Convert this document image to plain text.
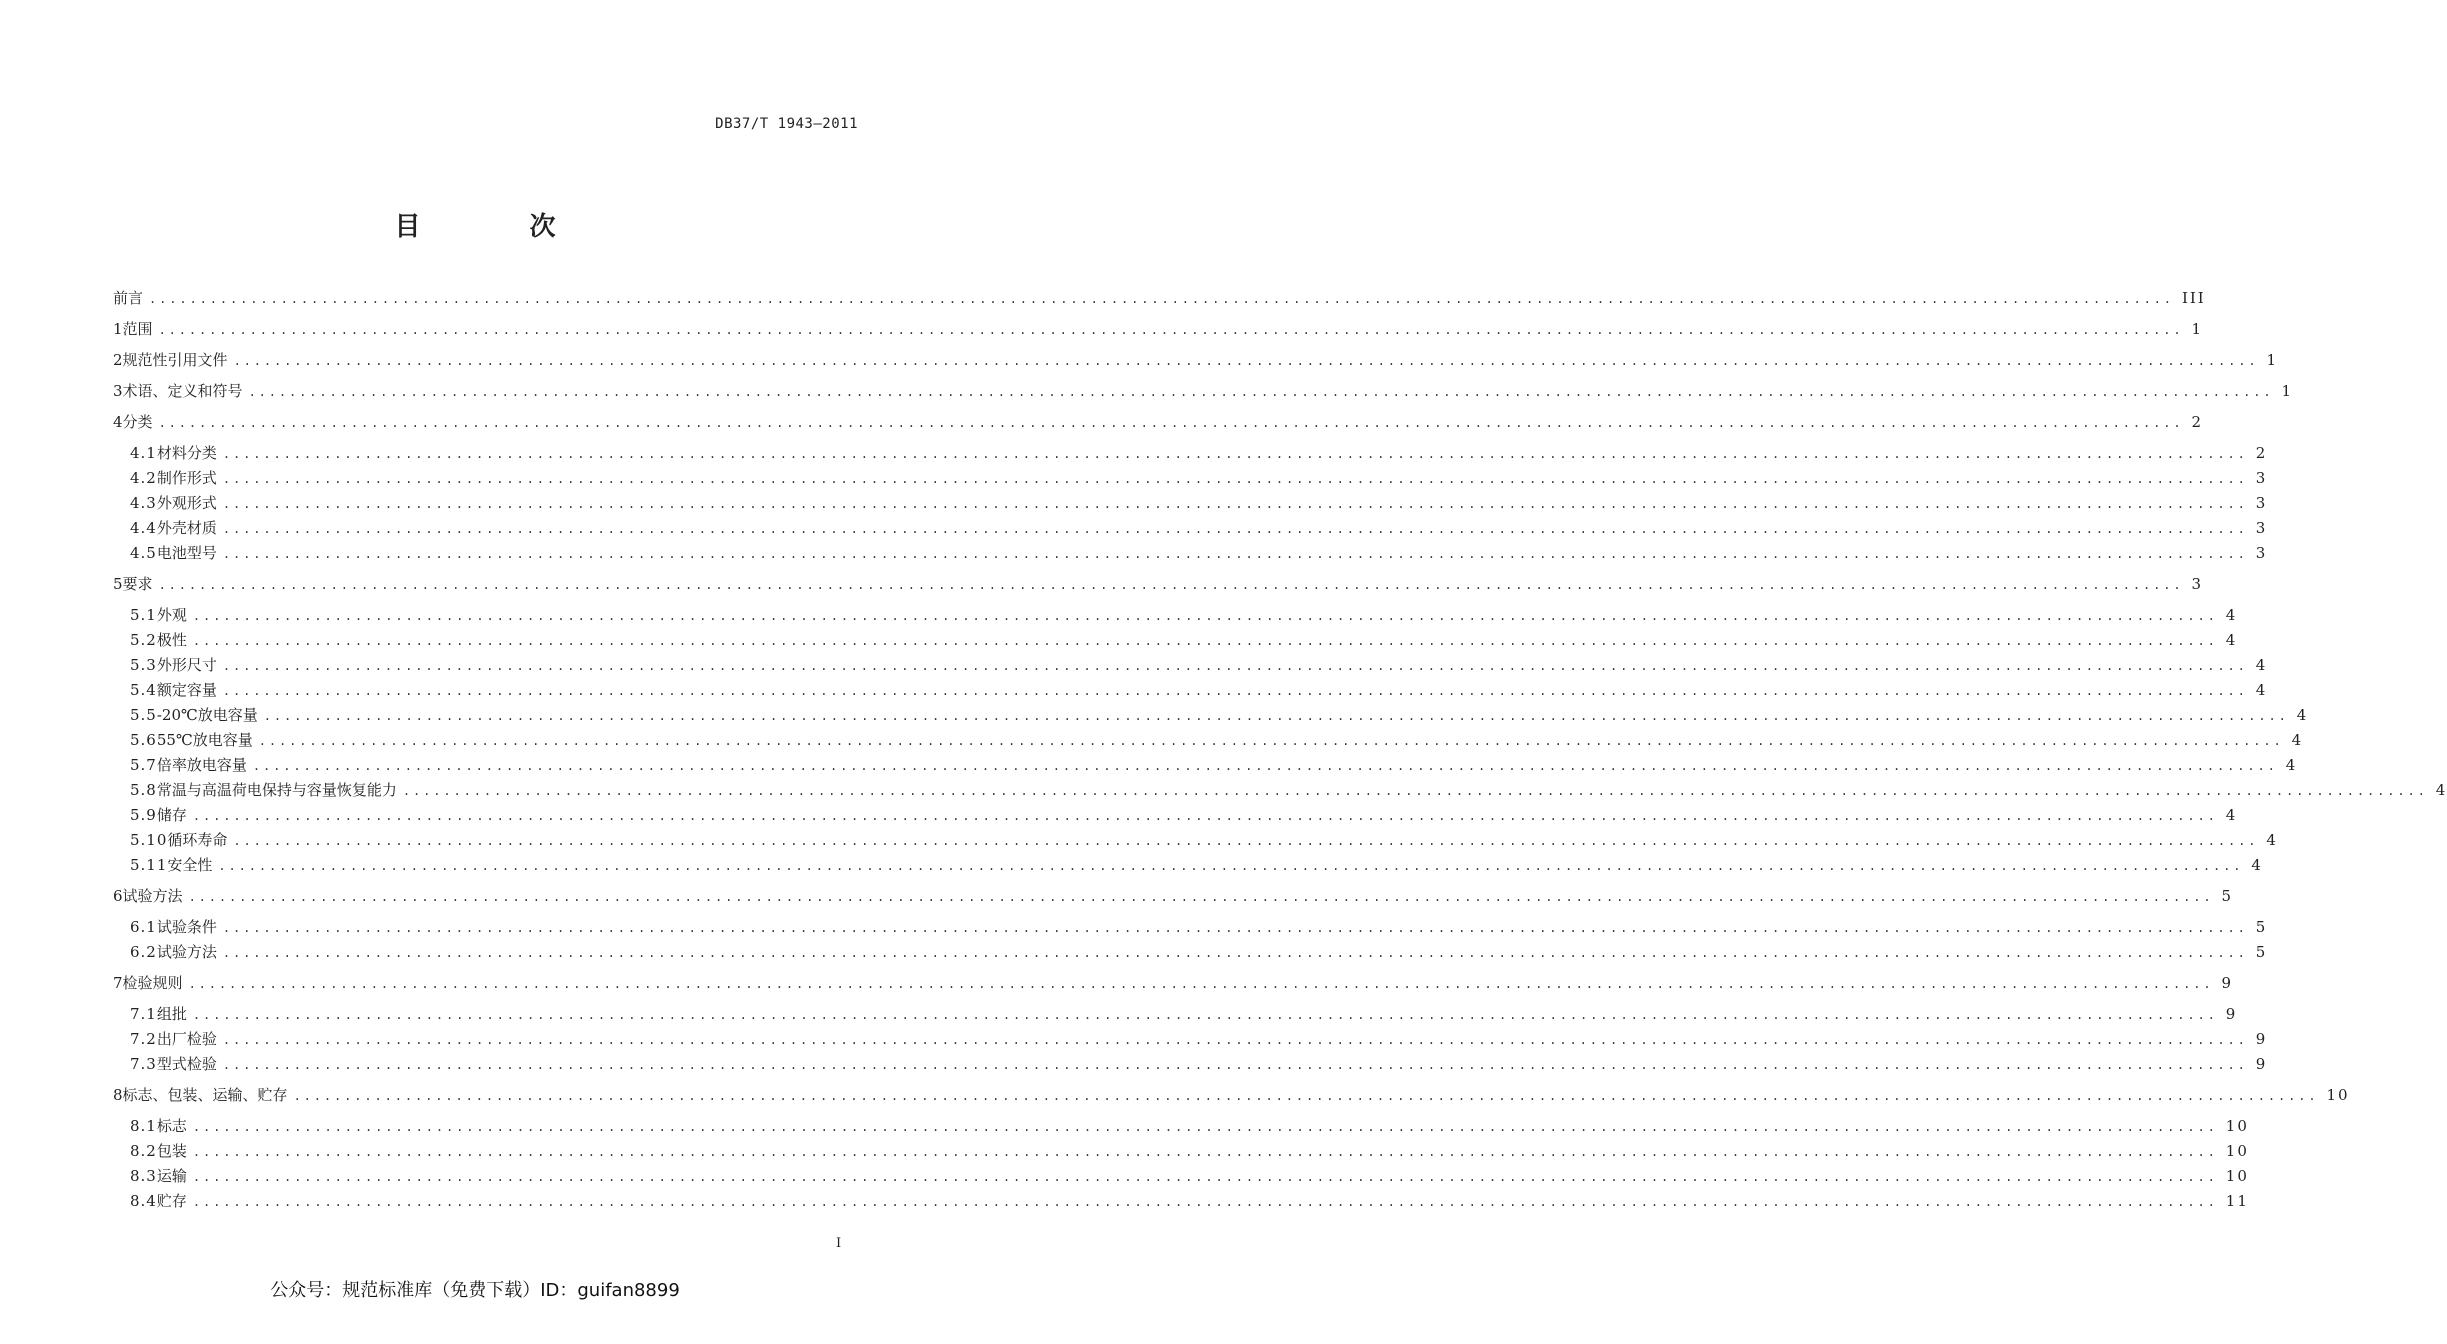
DB37/T 1943—2011
目 次
前言 ........................................................................................................................................................................................................ III
1 范围 ........................................................................................................................................................................................................ 1
2 规范性引用文件 ........................................................................................................................................................................................................ 1
3 术语、定义和符号 ........................................................................................................................................................................................................ 1
4 分类 ........................................................................................................................................................................................................ 2
4.1 材料分类 ........................................................................................................................................................................................................ 2
4.2 制作形式 ........................................................................................................................................................................................................ 3
4.3 外观形式 ........................................................................................................................................................................................................ 3
4.4 外壳材质 ........................................................................................................................................................................................................ 3
4.5 电池型号 ........................................................................................................................................................................................................ 3
5 要求 ........................................................................................................................................................................................................ 3
5.1 外观 ........................................................................................................................................................................................................ 4
5.2 极性 ........................................................................................................................................................................................................ 4
5.3 外形尺寸 ........................................................................................................................................................................................................ 4
5.4 额定容量 ........................................................................................................................................................................................................ 4
5.5 -20℃放电容量 ........................................................................................................................................................................................................ 4
5.6 55℃放电容量 ........................................................................................................................................................................................................ 4
5.7 倍率放电容量 ........................................................................................................................................................................................................ 4
5.8 常温与高温荷电保持与容量恢复能力 ........................................................................................................................................................................................................ 4
5.9 储存 ........................................................................................................................................................................................................ 4
5.10 循环寿命 ........................................................................................................................................................................................................ 4
5.11 安全性 ........................................................................................................................................................................................................ 4
6 试验方法 ........................................................................................................................................................................................................ 5
6.1 试验条件 ........................................................................................................................................................................................................ 5
6.2 试验方法 ........................................................................................................................................................................................................ 5
7 检验规则 ........................................................................................................................................................................................................ 9
7.1 组批 ........................................................................................................................................................................................................ 9
7.2 出厂检验 ........................................................................................................................................................................................................ 9
7.3 型式检验 ........................................................................................................................................................................................................ 9
8 标志、包装、运输、贮存 ........................................................................................................................................................................................................ 10
8.1 标志 ........................................................................................................................................................................................................ 10
8.2 包装 ........................................................................................................................................................................................................ 10
8.3 运输 ........................................................................................................................................................................................................ 10
8.4 贮存 ........................................................................................................................................................................................................ 11
I
公众号：规范标准库（免费下载）ID：guifan8899
